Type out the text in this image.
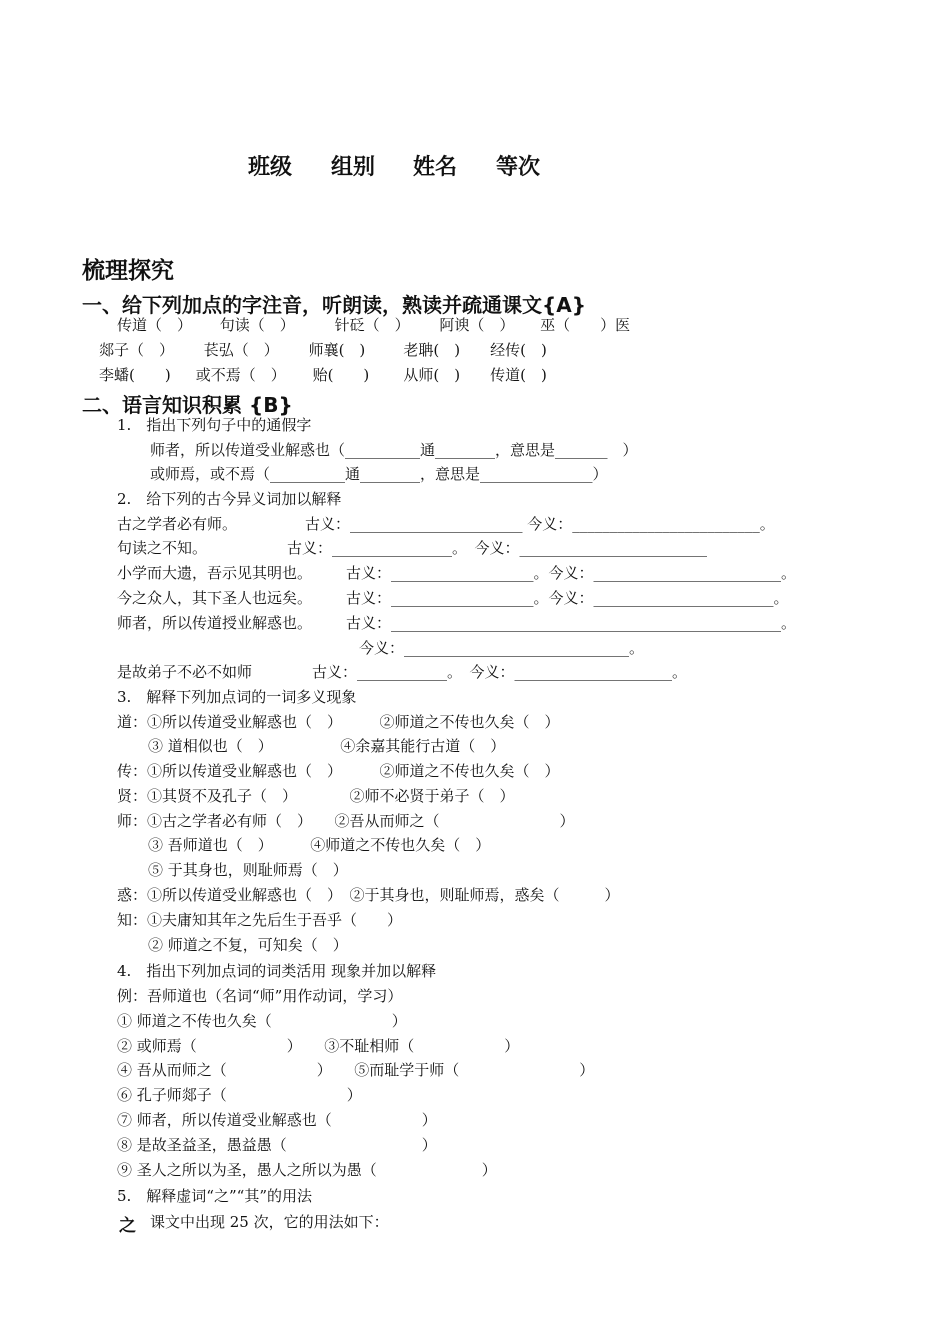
班级 组别 姓名 等次
梳理探究
一、给下列加点的字注音，听朗读，熟读并疏通课文{A}
传道（　） 句读（　）	针砭（　） 阿谀（　） 巫（　　）医
郯子（　） 苌弘（　） 师襄(　)	老聃(　) 经传(　)
李蟠(　　) 或不焉（　） 贻(　　) 从师(　) 传道(　)
二、语言知识积累 {B}
1.　指出下列句子中的通假字
师者，所以传道受业解惑也（__________通________，意思是_______　）
或师焉，或不焉（__________通________，意思是_______________）
2.　给下列的古今异义词加以解释
古之学者必有师。	古义：_______________________ 今义：_________________________。
句读之不知。	古义：________________。　今义：_________________________
小学而大遗，吾示见其明也。 古义：___________________。今义：_________________________。
今之众人，其下圣人也远矣。 古义：___________________。今义：________________________。
师者，所以传道授业解惑也。 古义：____________________________________________________。
今义：______________________________。
是故弟子不必不如师	古义：____________。　今义：_____________________。
3.　解释下列加点词的一词多义现象
道：①所以传道受业解惑也（　）　　　②师道之不传也久矣（　）
③ 道相似也（　）　　　　　④余嘉其能行古道（　）
传：①所以传道受业解惑也（　）　　　②师道之不传也久矣（　）
贤：①其贤不及孔子（　）　　　　②师不必贤于弟子（　）
师：①古之学者必有师（　）　　②吾从而师之（　　　　　　　　）
③ 吾师道也（　）　　　④师道之不传也久矣（　）
⑤ 于其身也，则耻师焉（　）
惑：①所以传道受业解惑也（　）　②于其身也，则耻师焉，惑矣（　　　）
知：①夫庸知其年之先后生于吾乎（　　）
② 师道之不复，可知矣（　）
4.　指出下列加点词的词类活用 现象并加以解释
例：吾师道也（名词“师”用作动词，学习）
① 师道之不传也久矣（　　　　　　　　）
② 或师焉（　　　　　　）　　③不耻相师（　　　　　　）
④ 吾从而师之（　　　　　　）　　⑤而耻学于师（　　　　　　　　）
⑥ 孔子师郯子（　　　　　　　　）
⑦ 师者，所以传道受业解惑也（　　　　　　）
⑧ 是故圣益圣，愚益愚（　　　　　　　　　）
⑨ 圣人之所以为圣，愚人之所以为愚（　　　　　　　）
5.　解释虚词“之”“其”的用法
之 课文中出现 25 次，它的用法如下：
